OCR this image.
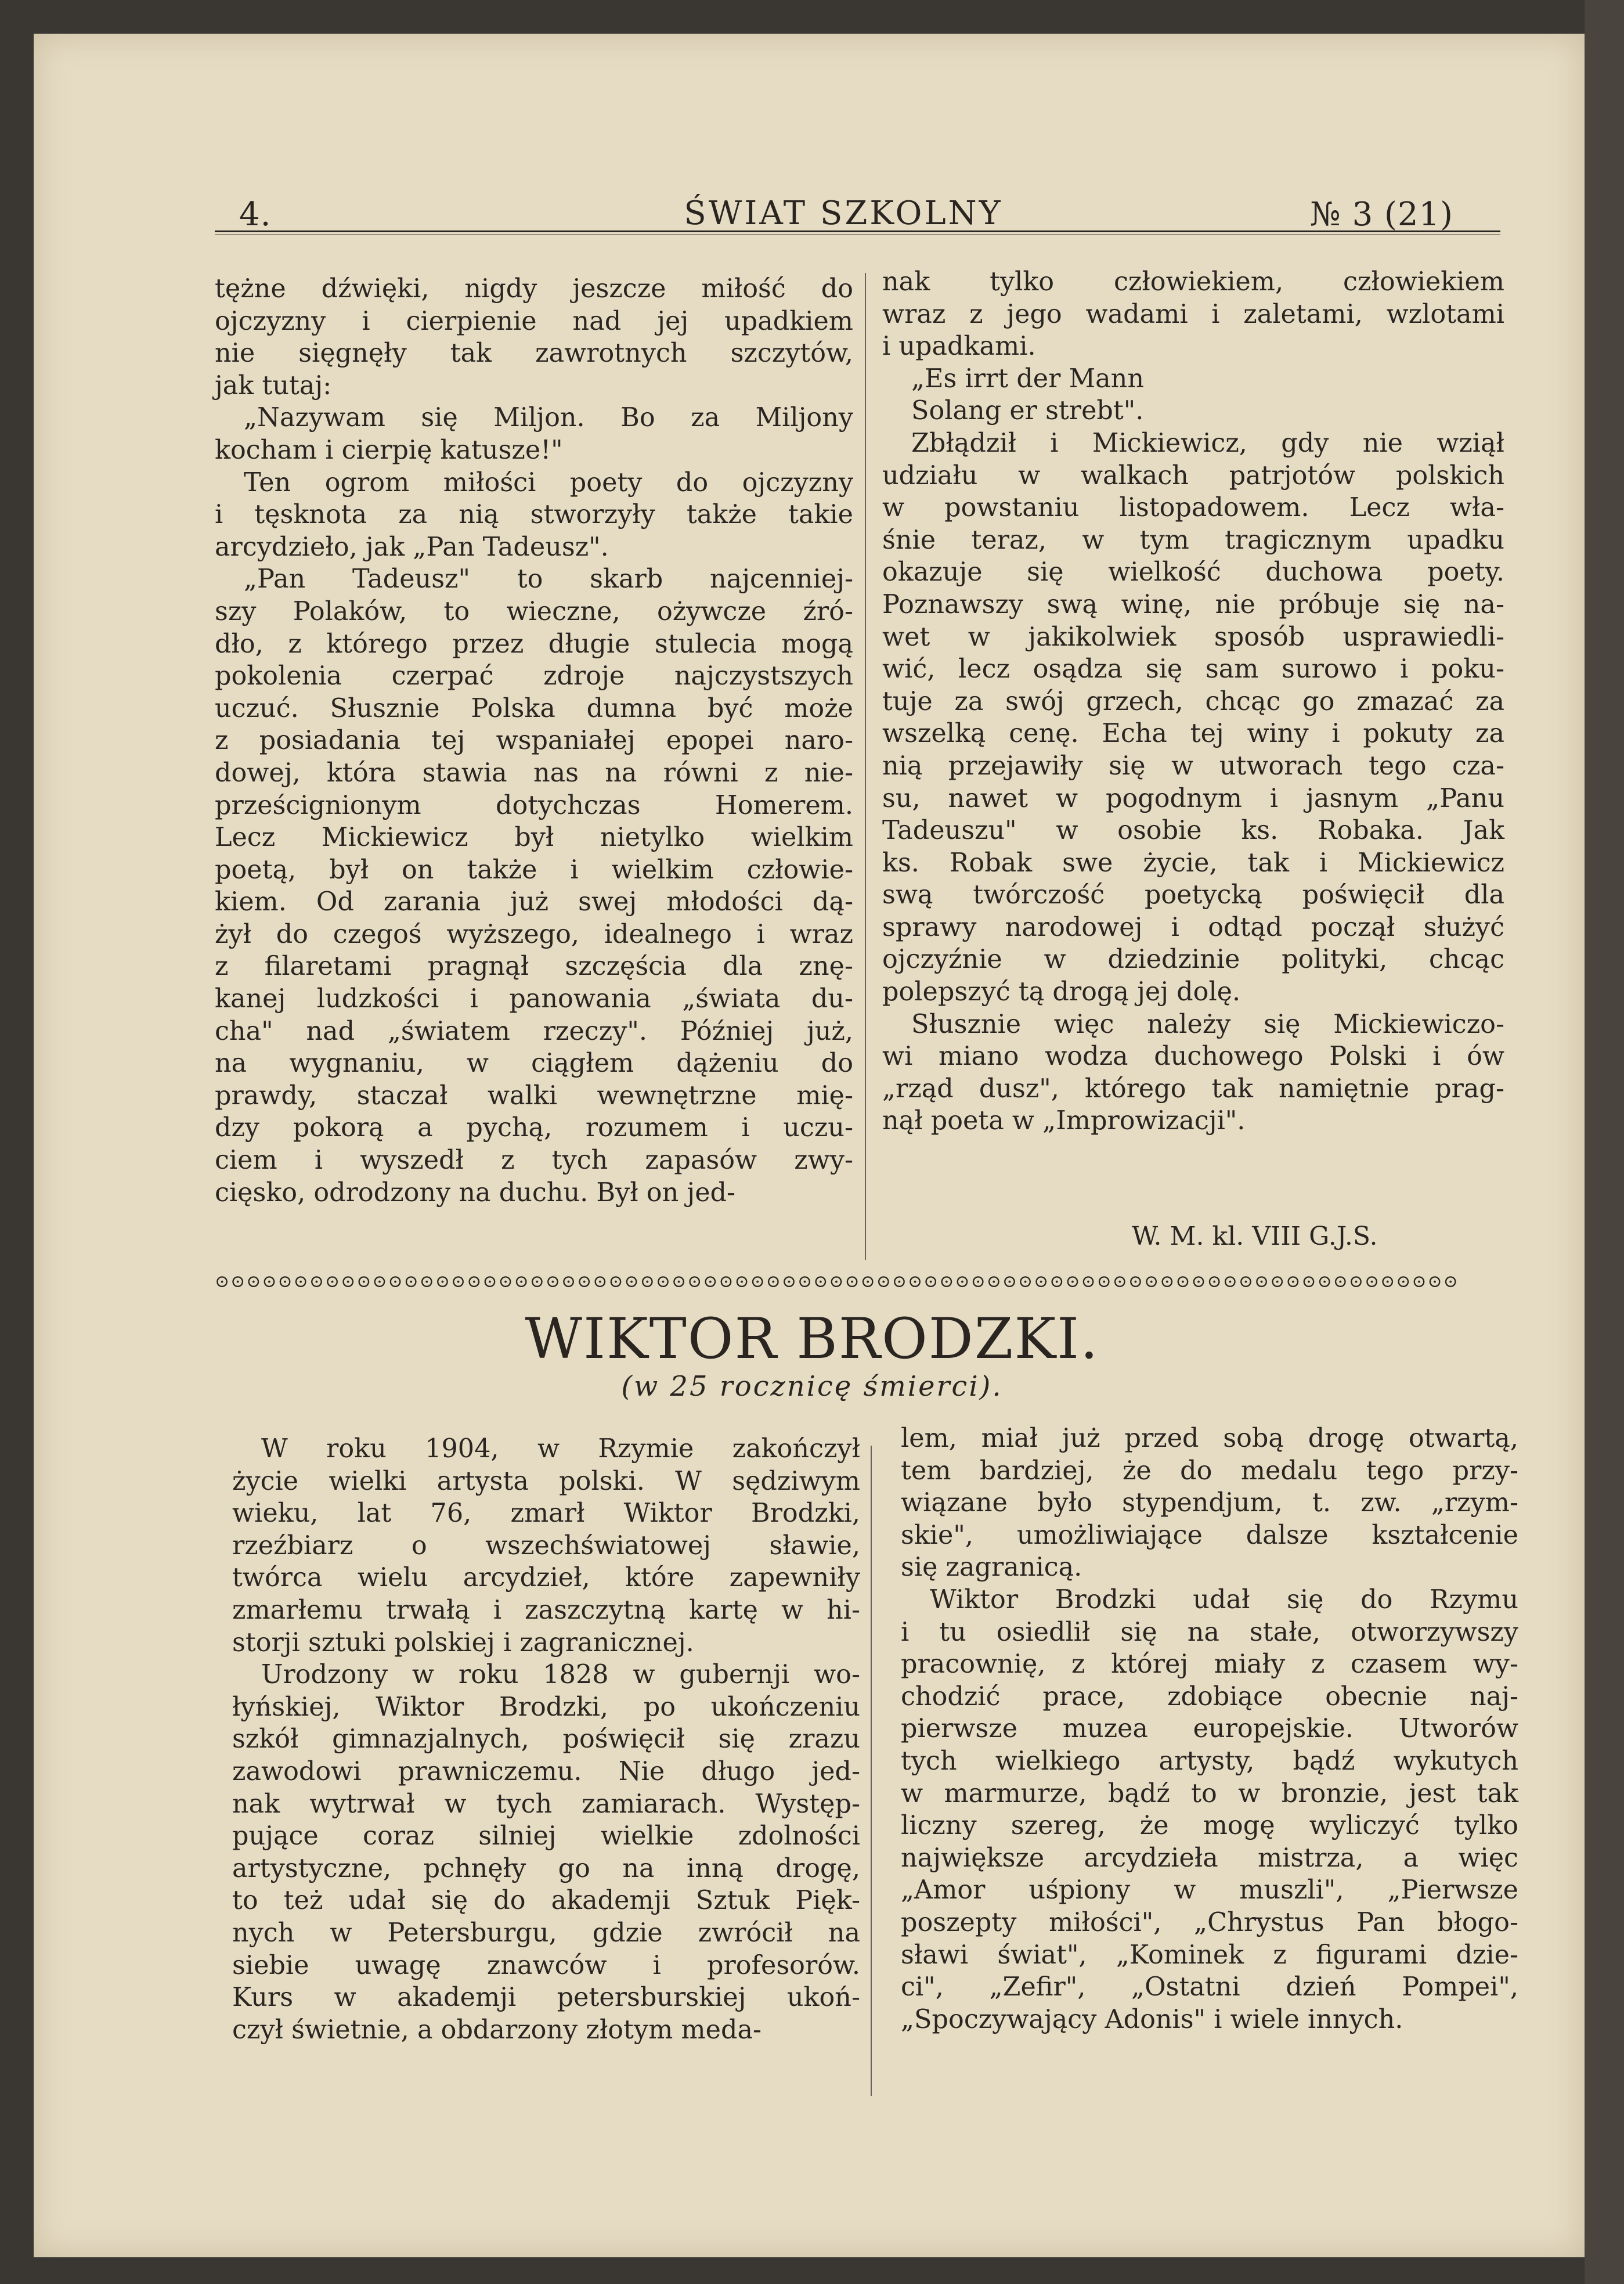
4.	ŚWIAT SZKOLNY	№ 3 (21)
tężne dźwięki, nigdy jeszcze miłość do
ojczyzny i cierpienie nad jej upadkiem
nie sięgnęły tak zawrotnych szczytów,
jak tutaj:
„Nazywam się Miljon. Bo za Miljony
kocham i cierpię katusze!"
Ten ogrom miłości poety do ojczyzny
i tęsknota za nią stworzyły także takie
arcydzieło, jak „Pan Tadeusz".
„Pan Tadeusz" to skarb najcenniej-
szy Polaków, to wieczne, ożywcze źró-
dło, z którego przez długie stulecia mogą
pokolenia czerpać zdroje najczystszych
uczuć. Słusznie Polska dumna być może
z posiadania tej wspaniałej epopei naro-
dowej, która stawia nas na równi z nie-
prześcignionym dotychczas Homerem.
Lecz Mickiewicz był nietylko wielkim
poetą, był on także i wielkim człowie-
kiem. Od zarania już swej młodości dą-
żył do czegoś wyższego, idealnego i wraz
z filaretami pragnął szczęścia dla znę-
kanej ludzkości i panowania „świata du-
cha" nad „światem rzeczy". Później już,
na wygnaniu, w ciągłem dążeniu do
prawdy, staczał walki wewnętrzne mię-
dzy pokorą a pychą, rozumem i uczu-
ciem i wyszedł z tych zapasów zwy-
cięsko, odrodzony na duchu. Był on jed-
nak tylko człowiekiem, człowiekiem
wraz z jego wadami i zaletami, wzlotami
i upadkami.
„Es irrt der Mann
Solang er strebt".
Zbłądził i Mickiewicz, gdy nie wziął
udziału w walkach patrjotów polskich
w powstaniu listopadowem. Lecz wła-
śnie teraz, w tym tragicznym upadku
okazuje się wielkość duchowa poety.
Poznawszy swą winę, nie próbuje się na-
wet w jakikolwiek sposób usprawiedli-
wić, lecz osądza się sam surowo i poku-
tuje za swój grzech, chcąc go zmazać za
wszelką cenę. Echa tej winy i pokuty za
nią przejawiły się w utworach tego cza-
su, nawet w pogodnym i jasnym „Panu
Tadeuszu" w osobie ks. Robaka. Jak
ks. Robak swe życie, tak i Mickiewicz
swą twórczość poetycką poświęcił dla
sprawy narodowej i odtąd począł służyć
ojczyźnie w dziedzinie polityki, chcąc
polepszyć tą drogą jej dolę.
Słusznie więc należy się Mickiewiczo-
wi miano wodza duchowego Polski i ów
„rząd dusz", którego tak namiętnie prag-
nął poeta w „Improwizacji".
W. M. kl. VIII G.J.S.
⊙⊙⊙⊙⊙⊙⊙⊙⊙⊙⊙⊙⊙⊙⊙⊙⊙⊙⊙⊙⊙⊙⊙⊙⊙⊙⊙⊙⊙⊙⊙⊙⊙⊙⊙⊙⊙⊙⊙⊙⊙⊙⊙⊙⊙⊙⊙⊙⊙⊙⊙⊙⊙⊙⊙⊙⊙⊙⊙⊙⊙⊙⊙⊙⊙⊙⊙⊙⊙⊙⊙⊙⊙⊙⊙⊙⊙⊙⊙
WIKTOR BRODZKI.
(w 25 rocznicę śmierci).
W roku 1904, w Rzymie zakończył
życie wielki artysta polski. W sędziwym
wieku, lat 76, zmarł Wiktor Brodzki,
rzeźbiarz o wszechświatowej sławie,
twórca wielu arcydzieł, które zapewniły
zmarłemu trwałą i zaszczytną kartę w hi-
storji sztuki polskiej i zagranicznej.
Urodzony w roku 1828 w gubernji wo-
łyńskiej, Wiktor Brodzki, po ukończeniu
szkół gimnazjalnych, poświęcił się zrazu
zawodowi prawniczemu. Nie długo jed-
nak wytrwał w tych zamiarach. Występ-
pujące coraz silniej wielkie zdolności
artystyczne, pchnęły go na inną drogę,
to też udał się do akademji Sztuk Pięk-
nych w Petersburgu, gdzie zwrócił na
siebie uwagę znawców i profesorów.
Kurs w akademji petersburskiej ukoń-
czył świetnie, a obdarzony złotym meda-
lem, miał już przed sobą drogę otwartą,
tem bardziej, że do medalu tego przy-
wiązane było stypendjum, t. zw. „rzym-
skie", umożliwiające dalsze kształcenie
się zagranicą.
Wiktor Brodzki udał się do Rzymu
i tu osiedlił się na stałe, otworzywszy
pracownię, z której miały z czasem wy-
chodzić prace, zdobiące obecnie naj-
pierwsze muzea europejskie. Utworów
tych wielkiego artysty, bądź wykutych
w marmurze, bądź to w bronzie, jest tak
liczny szereg, że mogę wyliczyć tylko
największe arcydzieła mistrza, a więc
„Amor uśpiony w muszli", „Pierwsze
poszepty miłości", „Chrystus Pan błogo-
sławi świat", „Kominek z figurami dzie-
ci", „Zefir", „Ostatni dzień Pompei",
„Spoczywający Adonis" i wiele innych.
